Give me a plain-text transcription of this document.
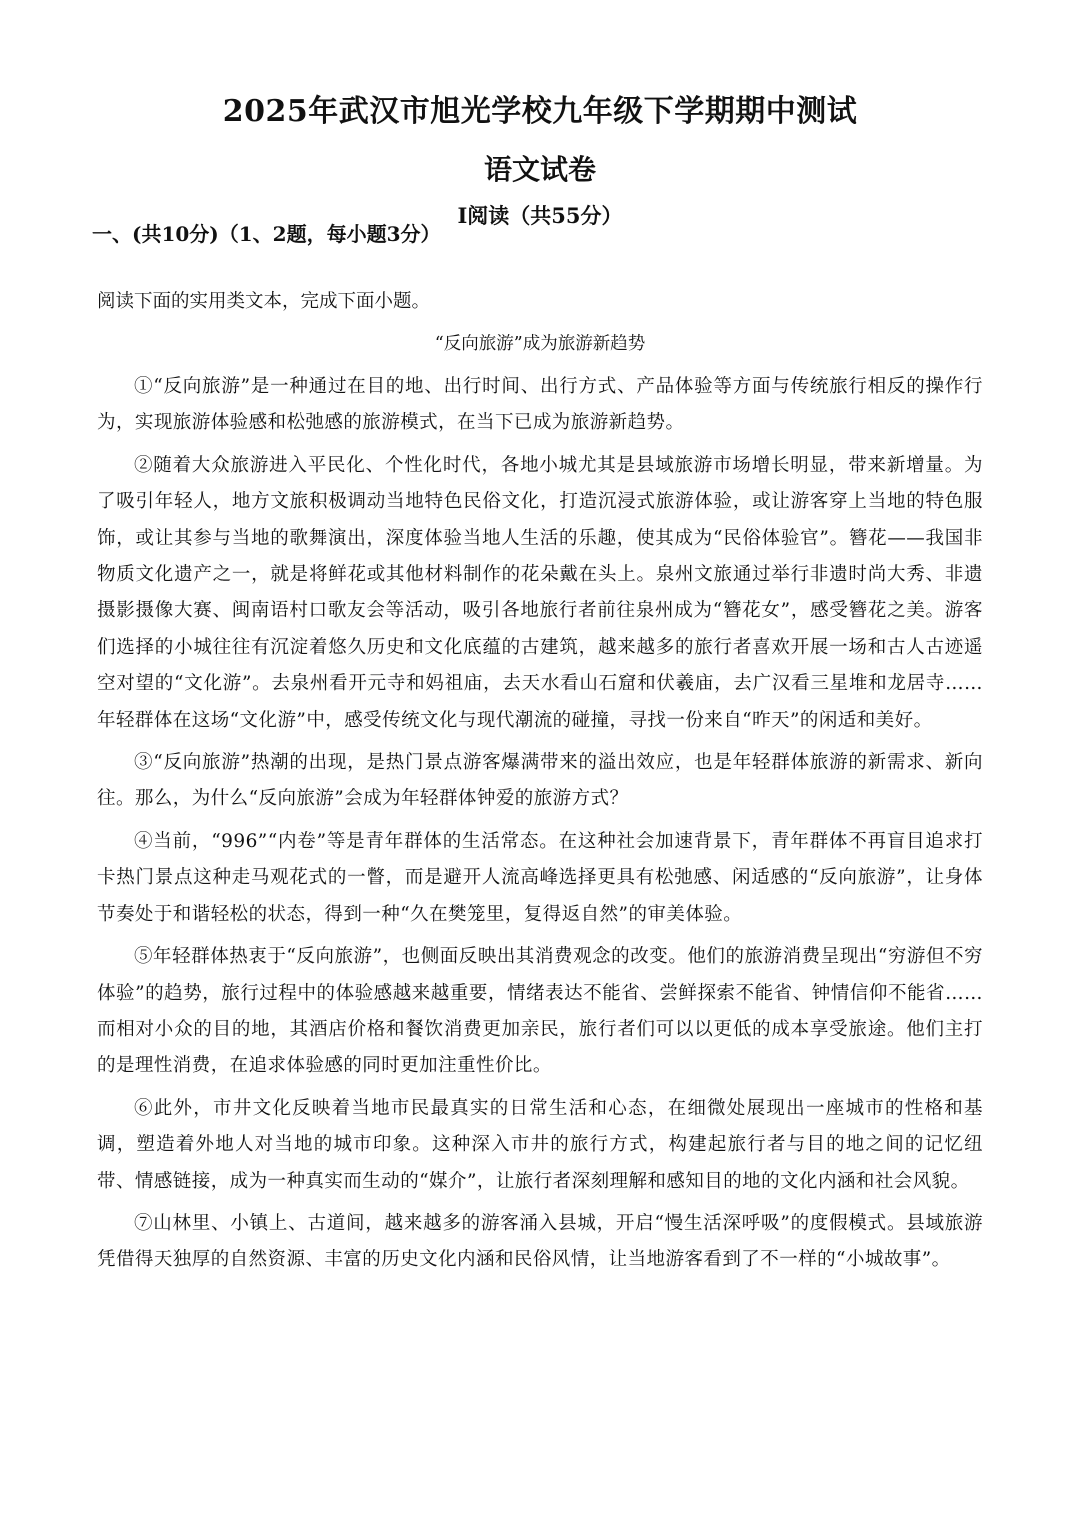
2025年武汉市旭光学校九年级下学期期中测试
语文试卷
Ⅰ阅读（共55分）
一、(共10分)（1、2题，每小题3分）
阅读下面的实用类文本，完成下面小题。
“反向旅游”成为旅游新趋势

①“反向旅游”是一种通过在目的地、出行时间、出行方式、产品体验等方面与传统旅行相反的操作行为，实现旅游体验感和松弛感的旅游模式，在当下已成为旅游新趋势。

②随着大众旅游进入平民化、个性化时代，各地小城尤其是县域旅游市场增长明显，带来新增量。为了吸引年轻人，地方文旅积极调动当地特色民俗文化，打造沉浸式旅游体验，或让游客穿上当地的特色服饰，或让其参与当地的歌舞演出，深度体验当地人生活的乐趣，使其成为“民俗体验官”。簪花——我国非物质文化遗产之一，就是将鲜花或其他材料制作的花朵戴在头上。泉州文旅通过举行非遗时尚大秀、非遗摄影摄像大赛、闽南语村口歌友会等活动，吸引各地旅行者前往泉州成为“簪花女”，感受簪花之美。游客们选择的小城往往有沉淀着悠久历史和文化底蕴的古建筑，越来越多的旅行者喜欢开展一场和古人古迹遥空对望的“文化游”。去泉州看开元寺和妈祖庙，去天水看山石窟和伏羲庙，去广汉看三星堆和龙居寺……年轻群体在这场“文化游”中，感受传统文化与现代潮流的碰撞，寻找一份来自“昨天”的闲适和美好。

③“反向旅游”热潮的出现，是热门景点游客爆满带来的溢出效应，也是年轻群体旅游的新需求、新向往。那么，为什么“反向旅游”会成为年轻群体钟爱的旅游方式？

④当前，“996”“内卷”等是青年群体的生活常态。在这种社会加速背景下，青年群体不再盲目追求打卡热门景点这种走马观花式的一瞥，而是避开人流高峰选择更具有松弛感、闲适感的“反向旅游”，让身体节奏处于和谐轻松的状态，得到一种“久在樊笼里，复得返自然”的审美体验。

⑤年轻群体热衷于“反向旅游”，也侧面反映出其消费观念的改变。他们的旅游消费呈现出“穷游但不穷体验”的趋势，旅行过程中的体验感越来越重要，情绪表达不能省、尝鲜探索不能省、钟情信仰不能省……而相对小众的目的地，其酒店价格和餐饮消费更加亲民，旅行者们可以以更低的成本享受旅途。他们主打的是理性消费，在追求体验感的同时更加注重性价比。

⑥此外，市井文化反映着当地市民最真实的日常生活和心态，在细微处展现出一座城市的性格和基调，塑造着外地人对当地的城市印象。这种深入市井的旅行方式，构建起旅行者与目的地之间的记忆纽带、情感链接，成为一种真实而生动的“媒介”，让旅行者深刻理解和感知目的地的文化内涵和社会风貌。

⑦山林里、小镇上、古道间，越来越多的游客涌入县城，开启“慢生活深呼吸”的度假模式。县域旅游凭借得天独厚的自然资源、丰富的历史文化内涵和民俗风情，让当地游客看到了不一样的“小城故事”。
